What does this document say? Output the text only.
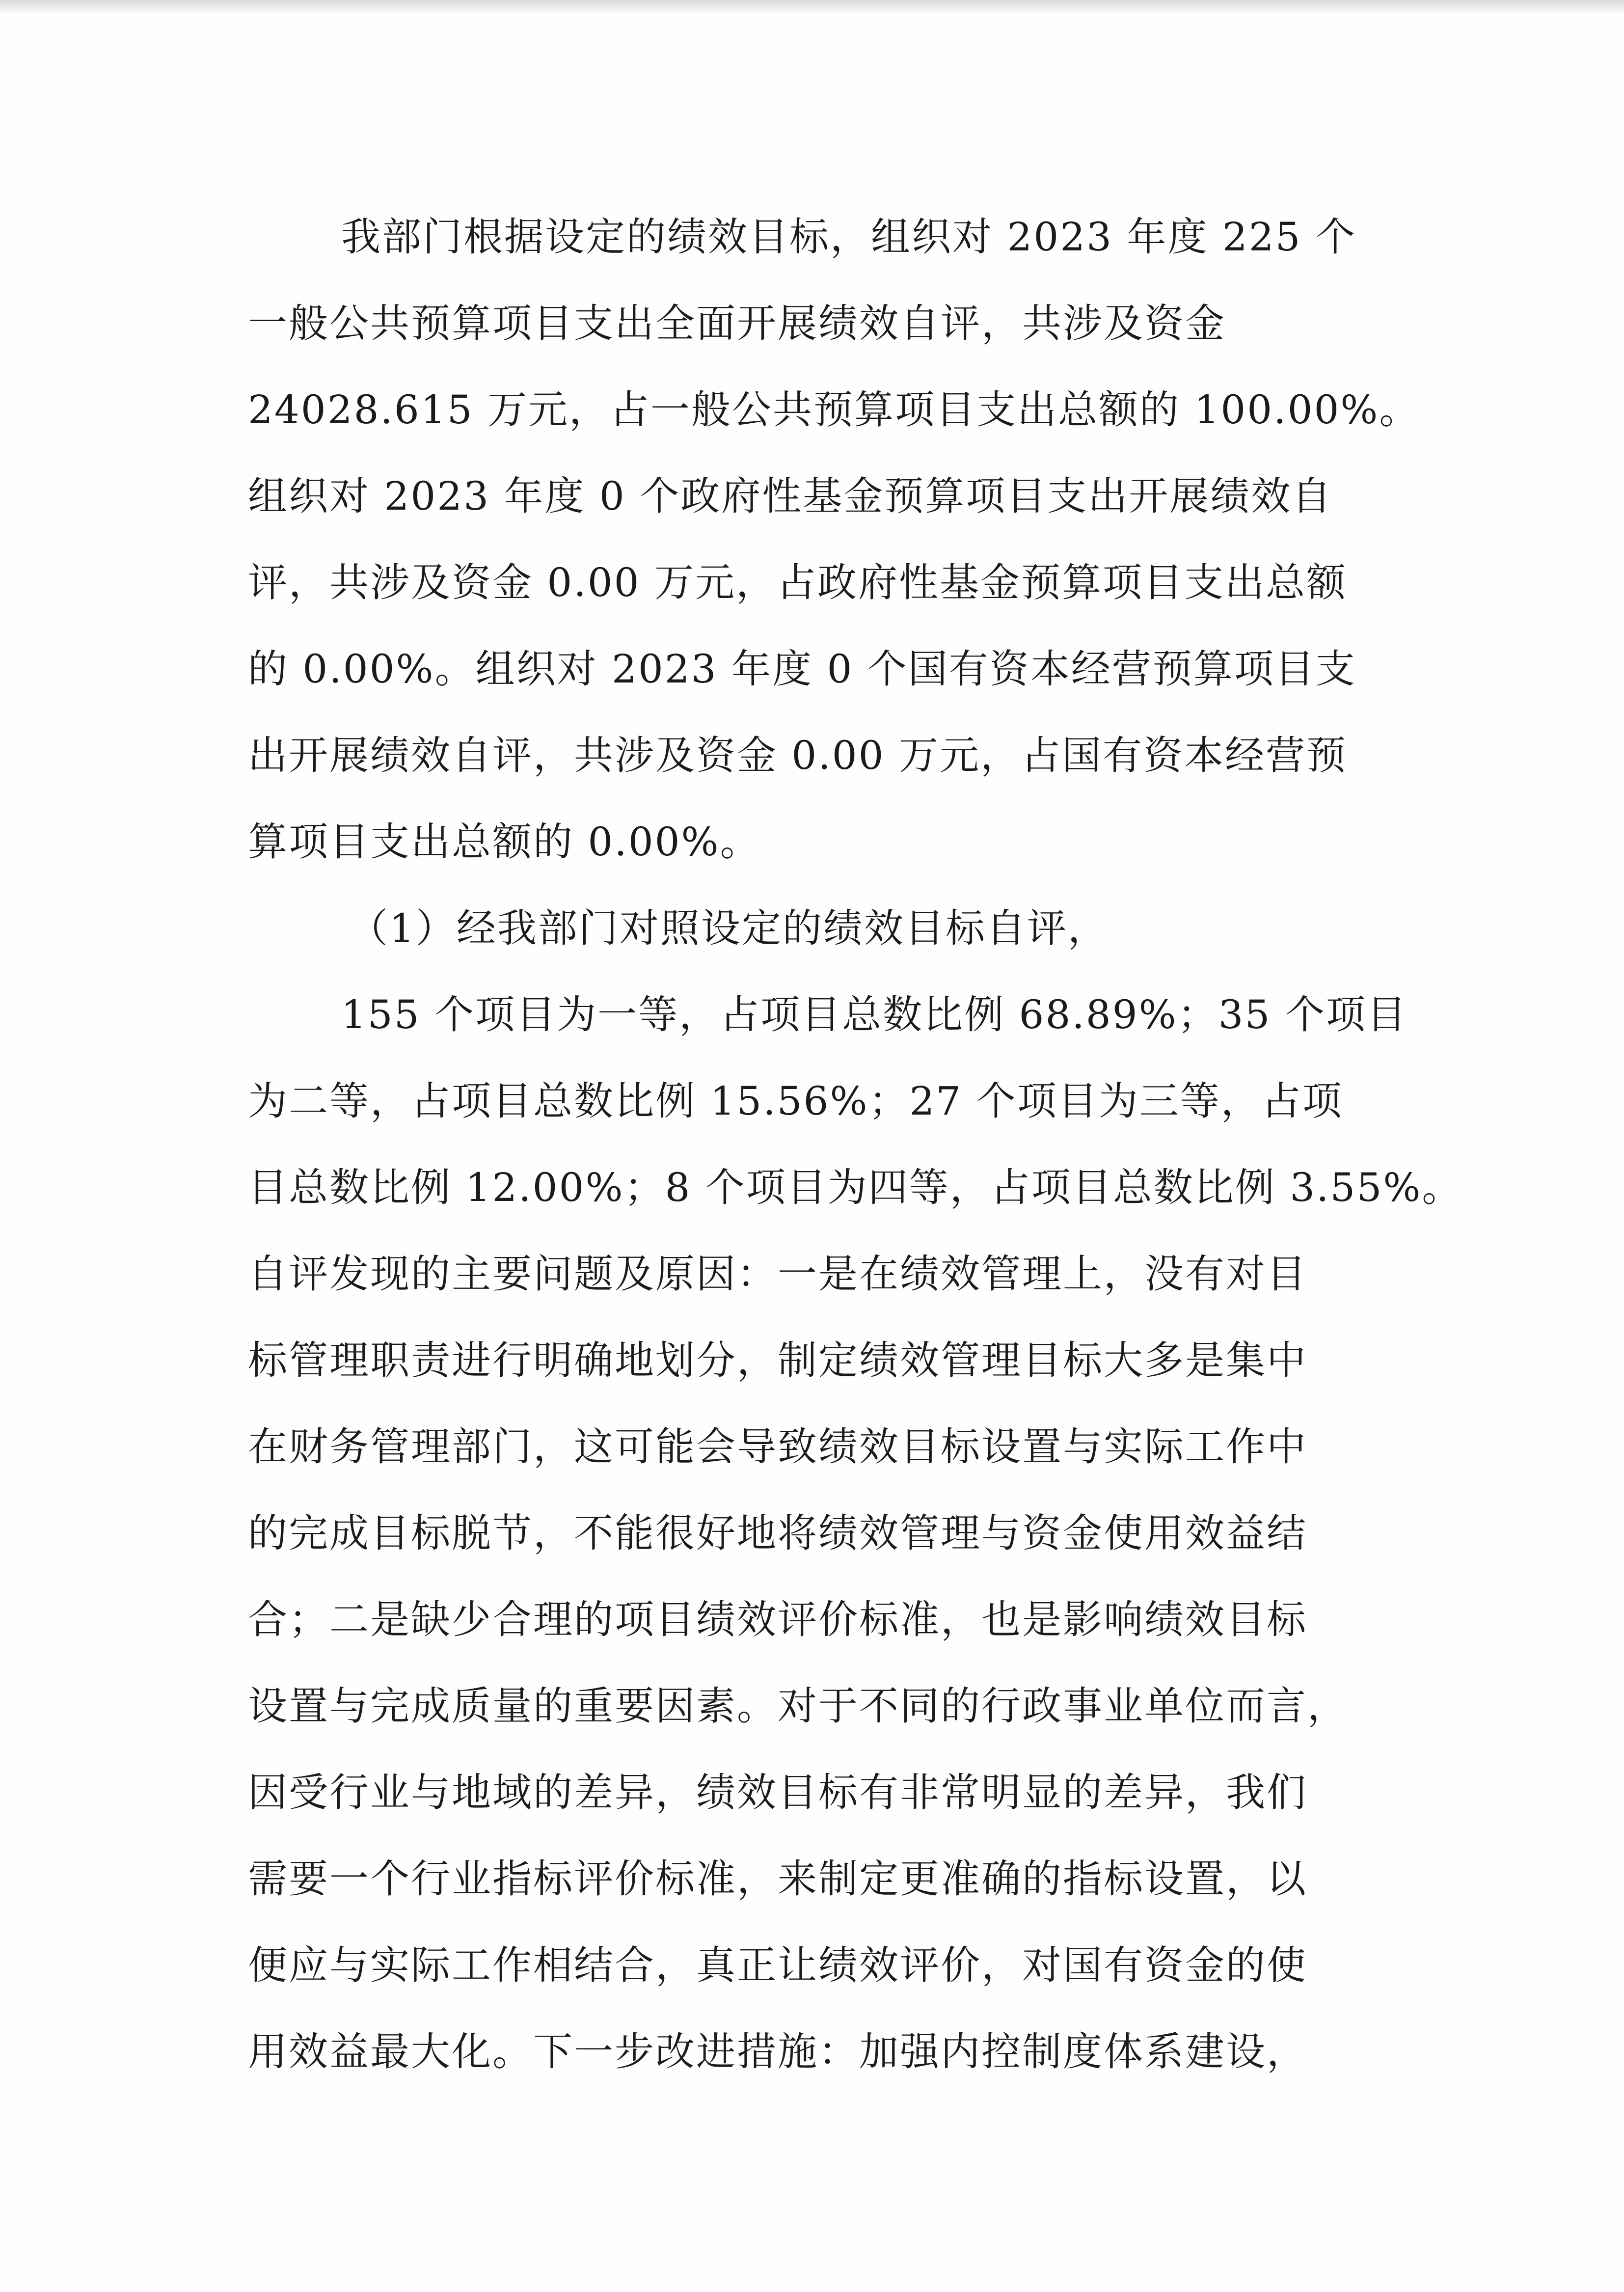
我部门根据设定的绩效目标，组织对 2023 年度 225 个
一般公共预算项目支出全面开展绩效自评，共涉及资金
24028.615 万元，占一般公共预算项目支出总额的 100.00%。
组织对 2023 年度 0 个政府性基金预算项目支出开展绩效自
评，共涉及资金 0.00 万元，占政府性基金预算项目支出总额
的 0.00%。组织对 2023 年度 0 个国有资本经营预算项目支
出开展绩效自评，共涉及资金 0.00 万元，占国有资本经营预
算项目支出总额的 0.00%。
（1）经我部门对照设定的绩效目标自评，
155 个项目为一等，占项目总数比例 68.89%；35 个项目
为二等，占项目总数比例 15.56%；27 个项目为三等，占项
目总数比例 12.00%；8 个项目为四等，占项目总数比例 3.55%。
自评发现的主要问题及原因：一是在绩效管理上，没有对目
标管理职责进行明确地划分，制定绩效管理目标大多是集中
在财务管理部门，这可能会导致绩效目标设置与实际工作中
的完成目标脱节，不能很好地将绩效管理与资金使用效益结
合；二是缺少合理的项目绩效评价标准，也是影响绩效目标
设置与完成质量的重要因素。对于不同的行政事业单位而言，
因受行业与地域的差异，绩效目标有非常明显的差异，我们
需要一个行业指标评价标准，来制定更准确的指标设置，以
便应与实际工作相结合，真正让绩效评价，对国有资金的使
用效益最大化。下一步改进措施：加强内控制度体系建设，
